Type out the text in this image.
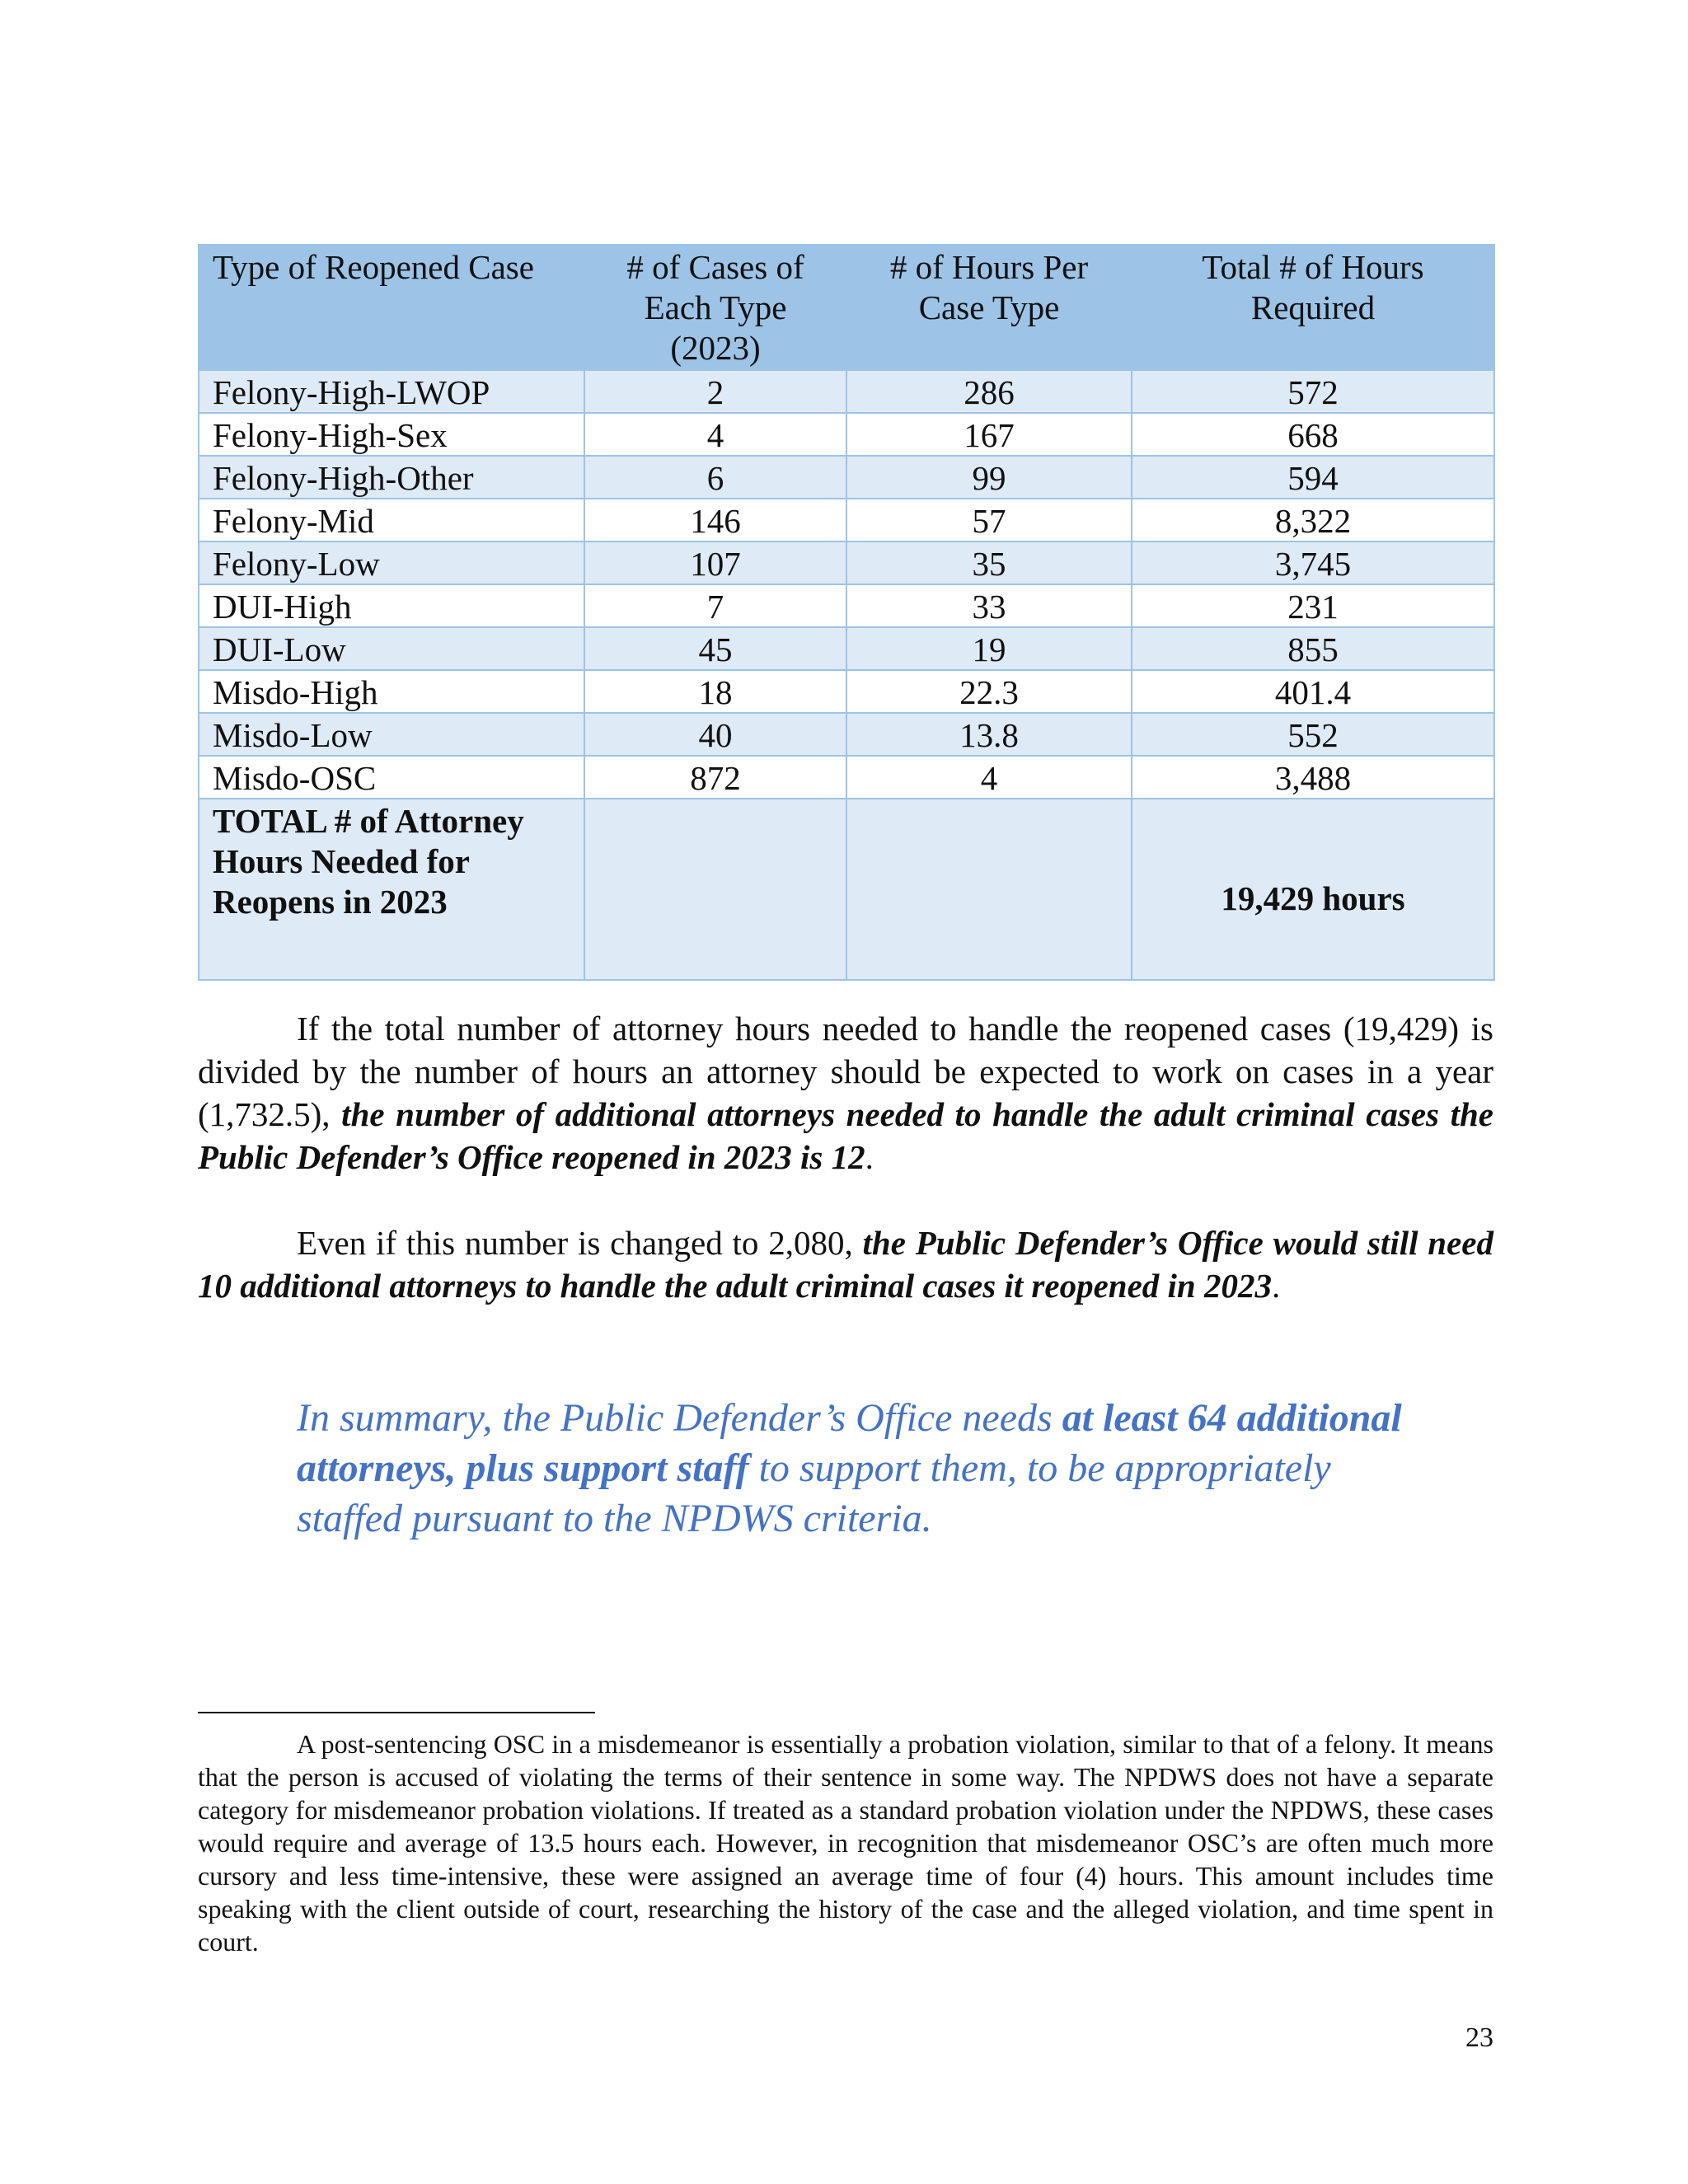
Type of Reopened Case	# of Cases of Each Type (2023)	# of Hours Per Case Type	Total # of Hours Required
Felony-High-LWOP	2	286	572
Felony-High-Sex	4	167	668
Felony-High-Other	6	99	594
Felony-Mid	146	57	8,322
Felony-Low	107	35	3,745
DUI-High	7	33	231
DUI-Low	45	19	855
Misdo-High	18	22.3	401.4
Misdo-Low	40	13.8	552
Misdo-OSC	872	4	3,488
TOTAL # of Attorney Hours Needed for Reopens in 2023			19,429 hours

If the total number of attorney hours needed to handle the reopened cases (19,429) is divided by the number of hours an attorney should be expected to work on cases in a year (1,732.5), the number of additional attorneys needed to handle the adult criminal cases the Public Defender’s Office reopened in 2023 is 12.

Even if this number is changed to 2,080, the Public Defender’s Office would still need 10 additional attorneys to handle the adult criminal cases it reopened in 2023.

In summary, the Public Defender’s Office needs at least 64 additional attorneys, plus support staff to support them, to be appropriately staffed pursuant to the NPDWS criteria.

A post-sentencing OSC in a misdemeanor is essentially a probation violation, similar to that of a felony. It means that the person is accused of violating the terms of their sentence in some way. The NPDWS does not have a separate category for misdemeanor probation violations. If treated as a standard probation violation under the NPDWS, these cases would require and average of 13.5 hours each. However, in recognition that misdemeanor OSC’s are often much more cursory and less time-intensive, these were assigned an average time of four (4) hours. This amount includes time speaking with the client outside of court, researching the history of the case and the alleged violation, and time spent in court.

23
